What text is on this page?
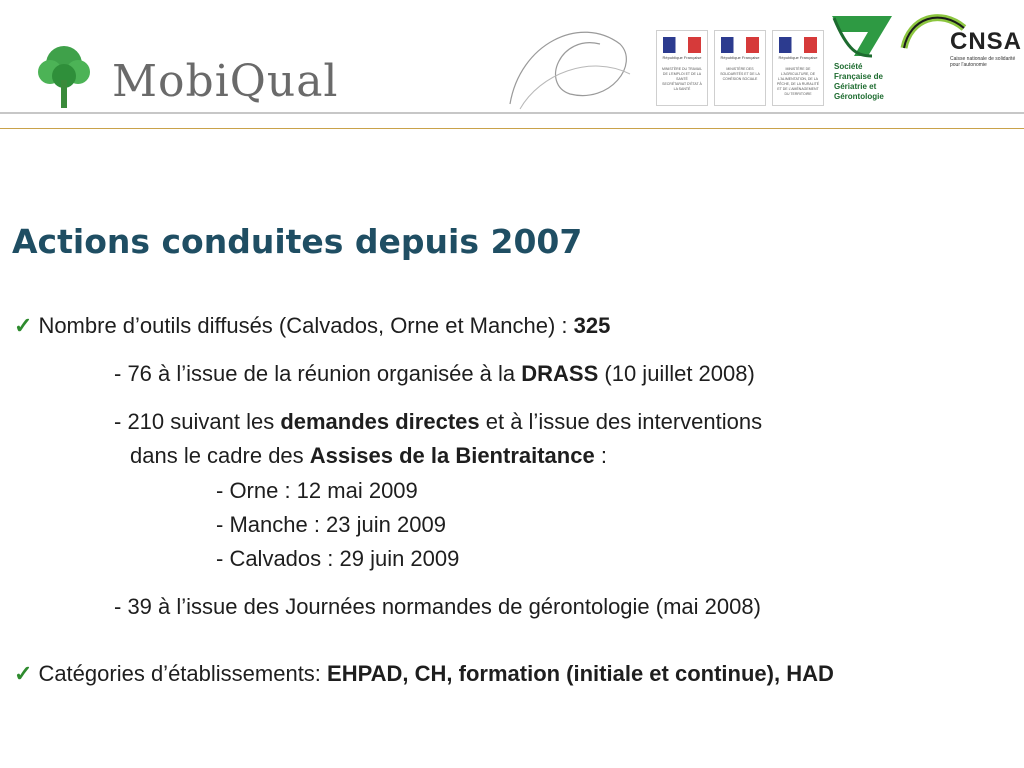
MobiQual	République Française
MINISTÈRE DU TRAVAIL DE L'EMPLOI ET DE LA SANTÉ
SECRÉTARIAT D'ÉTAT À LA SANTÉ
République Française
MINISTÈRE DES SOLIDARITÉS ET DE LA COHÉSION SOCIALE
République Française
MINISTÈRE DE L'AGRICULTURE, DE L'ALIMENTATION, DE LA PÊCHE, DE LA RURALITÉ ET DE L'AMÉNAGEMENT DU TERRITOIRE
Société Française de Gériatrie et Gérontologie
CNSA
Caisse nationale de solidarité pour l'autonomie
Actions conduites depuis 2007
✓ Nombre d’outils diffusés (Calvados, Orne et Manche) : 325
- 76 à l’issue de la réunion organisée à la DRASS (10 juillet 2008)
- 210 suivant les demandes directes et à l’issue des interventions
dans le cadre des Assises de la Bientraitance :
- Orne : 12 mai 2009
- Manche : 23 juin 2009
- Calvados : 29 juin 2009
- 39 à l’issue des Journées normandes de gérontologie (mai 2008)
✓ Catégories d’établissements: EHPAD, CH, formation (initiale et continue), HAD
